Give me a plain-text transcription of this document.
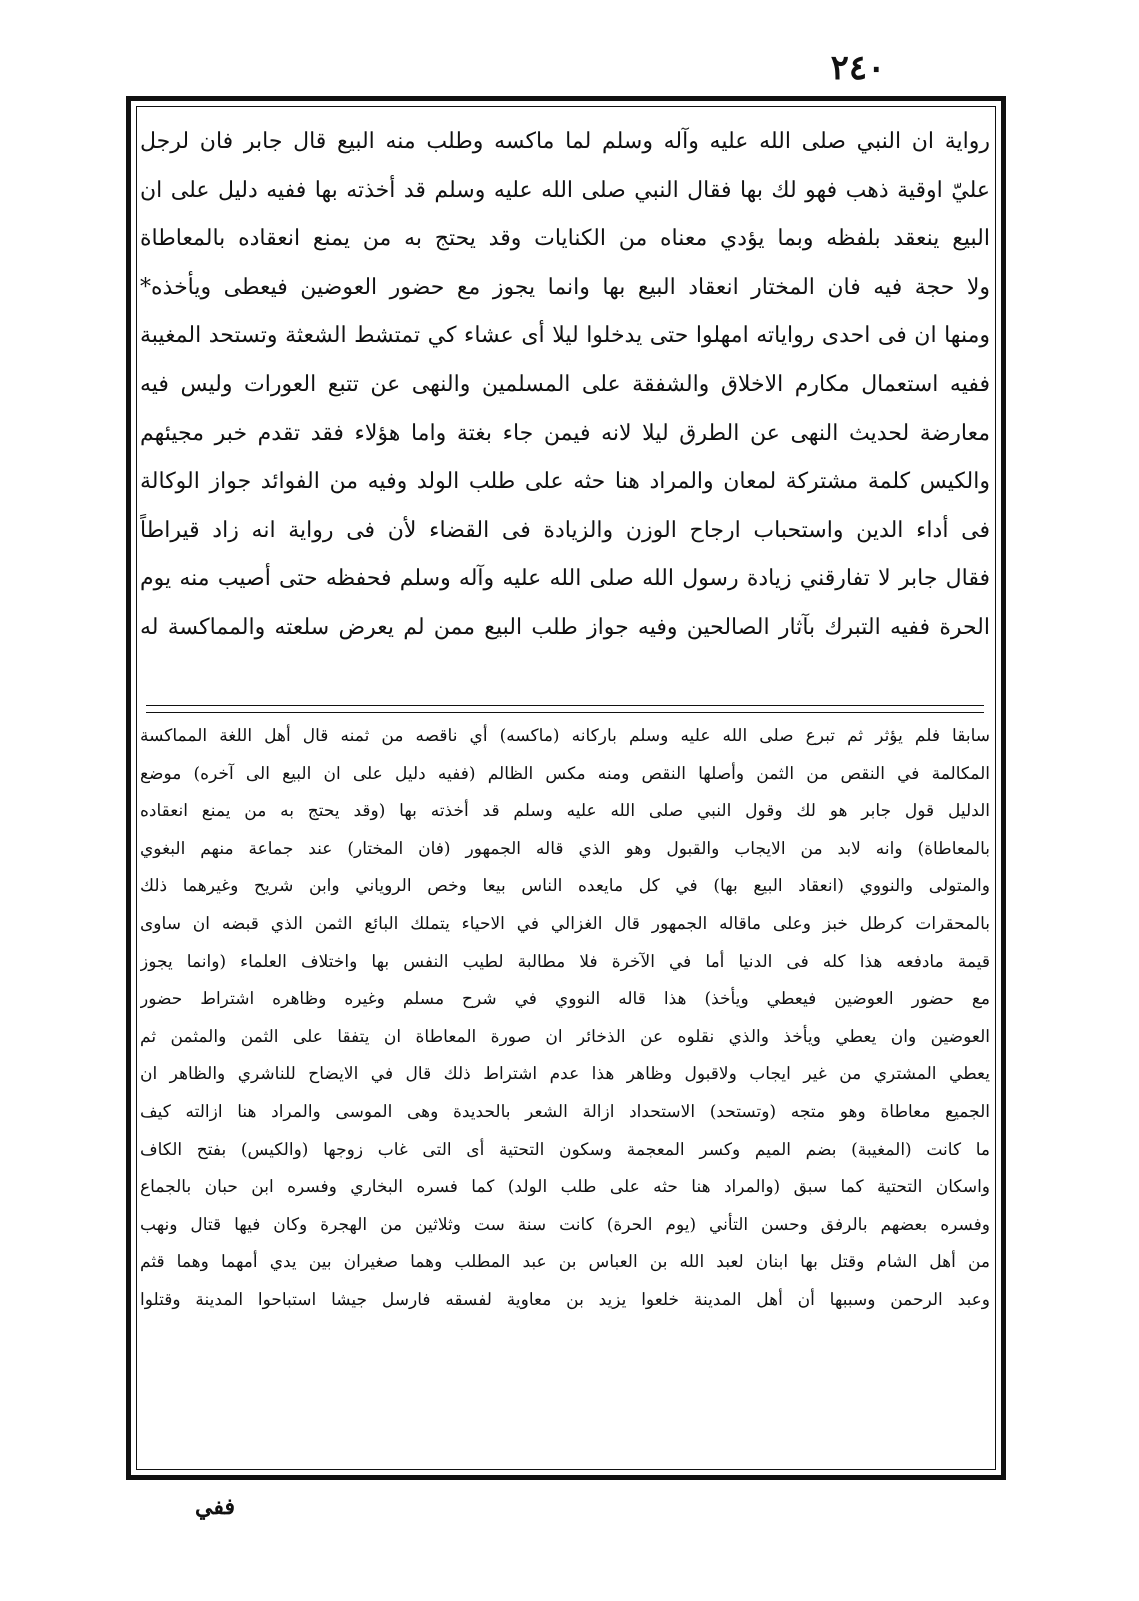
٢٤٠
رواية ان النبي صلى الله عليه وآله وسلم لما ماكسه وطلب منه البيع قال جابر فان لرجل
عليّ اوقية ذهب فهو لك بها فقال النبي صلى الله عليه وسلم قد أخذته بها ففيه دليل على ان
البيع ينعقد بلفظه وبما يؤدي معناه من الكنايات وقد يحتج به من يمنع انعقاده بالمعاطاة
ولا حجة فيه فان المختار انعقاد البيع بها وانما يجوز مع حضور العوضين فيعطى ويأخذه*
ومنها ان فى احدى رواياته امهلوا حتى يدخلوا ليلا أى عشاء كي تمتشط الشعثة وتستحد المغيبة
ففيه استعمال مكارم الاخلاق والشفقة على المسلمين والنهى عن تتبع العورات وليس فيه
معارضة لحديث النهى عن الطرق ليلا لانه فيمن جاء بغتة واما هؤلاء فقد تقدم خبر مجيئهم
والكيس كلمة مشتركة لمعان والمراد هنا حثه على طلب الولد وفيه من الفوائد جواز الوكالة
فى أداء الدين واستحباب ارجاح الوزن والزيادة فى القضاء لأن فى رواية انه زاد قيراطاً
فقال جابر لا تفارقني زيادة رسول الله صلى الله عليه وآله وسلم فحفظه حتى أصيب منه يوم
الحرة ففيه التبرك بآثار الصالحين وفيه جواز طلب البيع ممن لم يعرض سلعته والمماكسة له
سابقا فلم يؤثر ثم تبرع صلى الله عليه وسلم باركانه (ماكسه) أي ناقصه من ثمنه قال أهل اللغة المماكسة
المكالمة في النقص من الثمن وأصلها النقص ومنه مكس الظالم (ففيه دليل على ان البيع الى آخره) موضع
الدليل قول جابر هو لك وقول النبي صلى الله عليه وسلم قد أخذته بها (وقد يحتج به من يمنع انعقاده
بالمعاطاة) وانه لابد من الايجاب والقبول وهو الذي قاله الجمهور (فان المختار) عند جماعة منهم البغوي
والمتولى والنووي (انعقاد البيع بها) في كل مايعده الناس بيعا وخص الروياني وابن شريح وغيرهما ذلك
بالمحقرات كرطل خبز وعلى ماقاله الجمهور قال الغزالي في الاحياء يتملك البائع الثمن الذي قبضه ان ساوى
قيمة مادفعه هذا كله فى الدنيا أما في الآخرة فلا مطالبة لطيب النفس بها واختلاف العلماء (وانما يجوز
مع حضور العوضين فيعطي ويأخذ) هذا قاله النووي في شرح مسلم وغيره وظاهره اشتراط حضور
العوضين وان يعطي ويأخذ والذي نقلوه عن الذخائر ان صورة المعاطاة ان يتفقا على الثمن والمثمن ثم
يعطي المشتري من غير ايجاب ولاقبول وظاهر هذا عدم اشتراط ذلك قال في الايضاح للناشري والظاهر ان
الجميع معاطاة وهو متجه (وتستحد) الاستحداد ازالة الشعر بالحديدة وهى الموسى والمراد هنا ازالته كيف
ما كانت (المغيبة) بضم الميم وكسر المعجمة وسكون التحتية أى التى غاب زوجها (والكيس) بفتح الكاف
واسكان التحتية كما سبق (والمراد هنا حثه على طلب الولد) كما فسره البخاري وفسره ابن حبان بالجماع
وفسره بعضهم بالرفق وحسن التأني (يوم الحرة) كانت سنة ست وثلاثين من الهجرة وكان فيها قتال ونهب
من أهل الشام وقتل بها ابنان لعبد الله بن العباس بن عبد المطلب وهما صغيران بين يدي أمهما وهما قثم
وعبد الرحمن وسببها أن أهل المدينة خلعوا يزيد بن معاوية لفسقه فارسل جيشا استباحوا المدينة وقتلوا
ففي
